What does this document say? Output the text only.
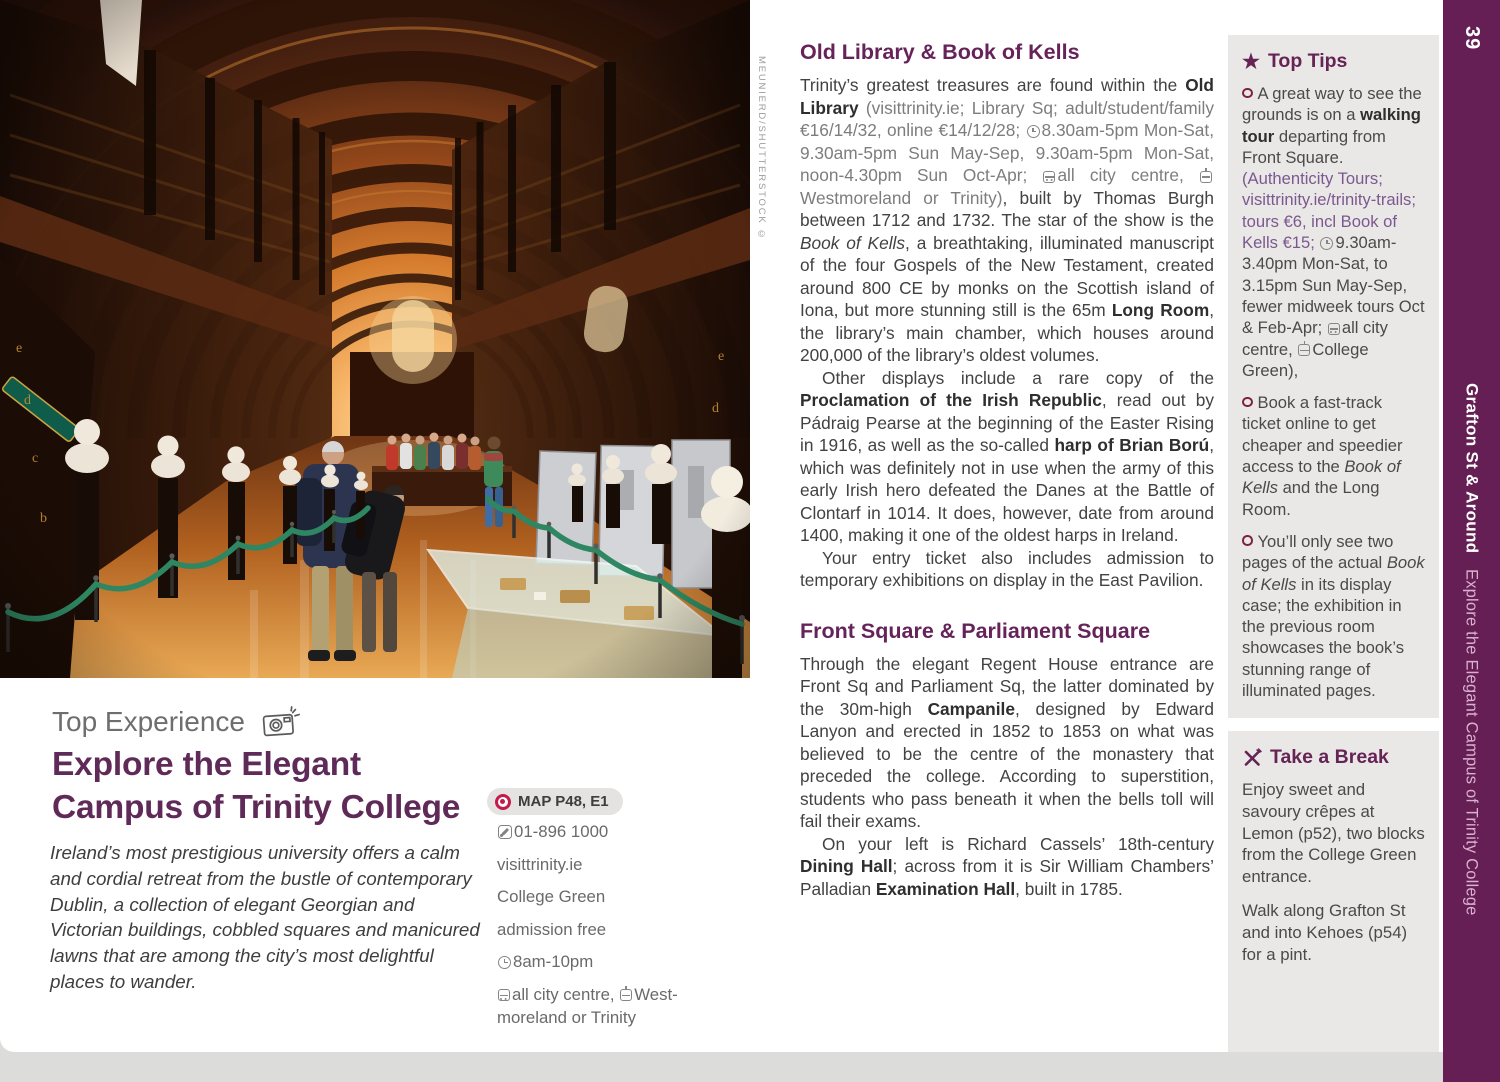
MEUNIERD/SHUTTERSTOCK ©
Top Experience
Explore the Elegant
Campus of Trinity College
Ireland’s most prestigious university offers a calm and cordial retreat from the bustle of contemporary Dublin, a collection of elegant Georgian and Victorian buildings, cobbled squares and manicured lawns that are among the city’s most delightful places to wander.
MAP P48, E1
01-896 1000
visittrinity.ie
College Green
admission free
8am-10pm
all city centre, West-
moreland or Trinity
Old Library & Book of Kells

Trinity’s greatest treasures are found within the Old Library (visittrinity.ie; Library Sq; adult/student/family €16/14/32, online €14/12/28; 8.30am-5pm Mon-Sat, 9.30am-5pm Sun May-Sep, 9.30am-5pm Mon-Sat, noon-4.30pm Sun Oct-Apr; all city centre, Westmoreland or Trinity), built by Thomas Burgh between 1712 and 1732. The star of the show is the Book of Kells, a breathtaking, illuminated manuscript of the four Gospels of the New Testament, created around 800 CE by monks on the Scottish island of Iona, but more stunning still is the 65m Long Room, the library’s main chamber, which houses around 200,000 of the library’s oldest volumes.

Other displays include a rare copy of the Proclamation of the Irish Republic, read out by Pádraig Pearse at the beginning of the Easter Rising in 1916, as well as the so-called harp of Brian Ború, which was definitely not in use when the army of this early Irish hero defeated the Danes at the Battle of Clontarf in 1014. It does, however, date from around 1400, making it one of the oldest harps in Ireland.

Your entry ticket also includes admission to temporary exhibitions on display in the East Pavilion.

Front Square & Parliament Square

Through the elegant Regent House entrance are Front Sq and Parliament Sq, the latter dominated by the 30m-high Campanile, designed by Edward Lanyon and erected in 1852 to 1853 on what was believed to be the centre of the monastery that preceded the college. According to superstition, students who pass beneath it when the bells toll will fail their exams.

On your left is Richard Cassels’ 18th-century Dining Hall; across from it is Sir William Chambers’ Palladian Examination Hall, built in 1785.

★ Top Tips

A great way to see the grounds is on a walking tour departing from Front Square. (Authenticity Tours; visittrinity.ie/trinity-trails; tours €6, incl Book of Kells €15; 9.30am-3.40pm Mon-Sat, to 3.15pm Sun May-Sep, fewer midweek tours Oct & Feb-Apr; all city centre, College Green),

Book a fast-track ticket online to get cheaper and speedier access to the Book of Kells and the Long Room.

You’ll only see two pages of the actual Book of Kells in its display case; the exhibition in the previous room showcases the book’s stunning range of illuminated pages.

Take a Break

Enjoy sweet and savoury crêpes at Lemon (p52), two blocks from the College Green entrance.

Walk along Grafton St and into Kehoes (p54) for a pint.

39
Grafton St & AroundExplore the Elegant Campus of Trinity College
